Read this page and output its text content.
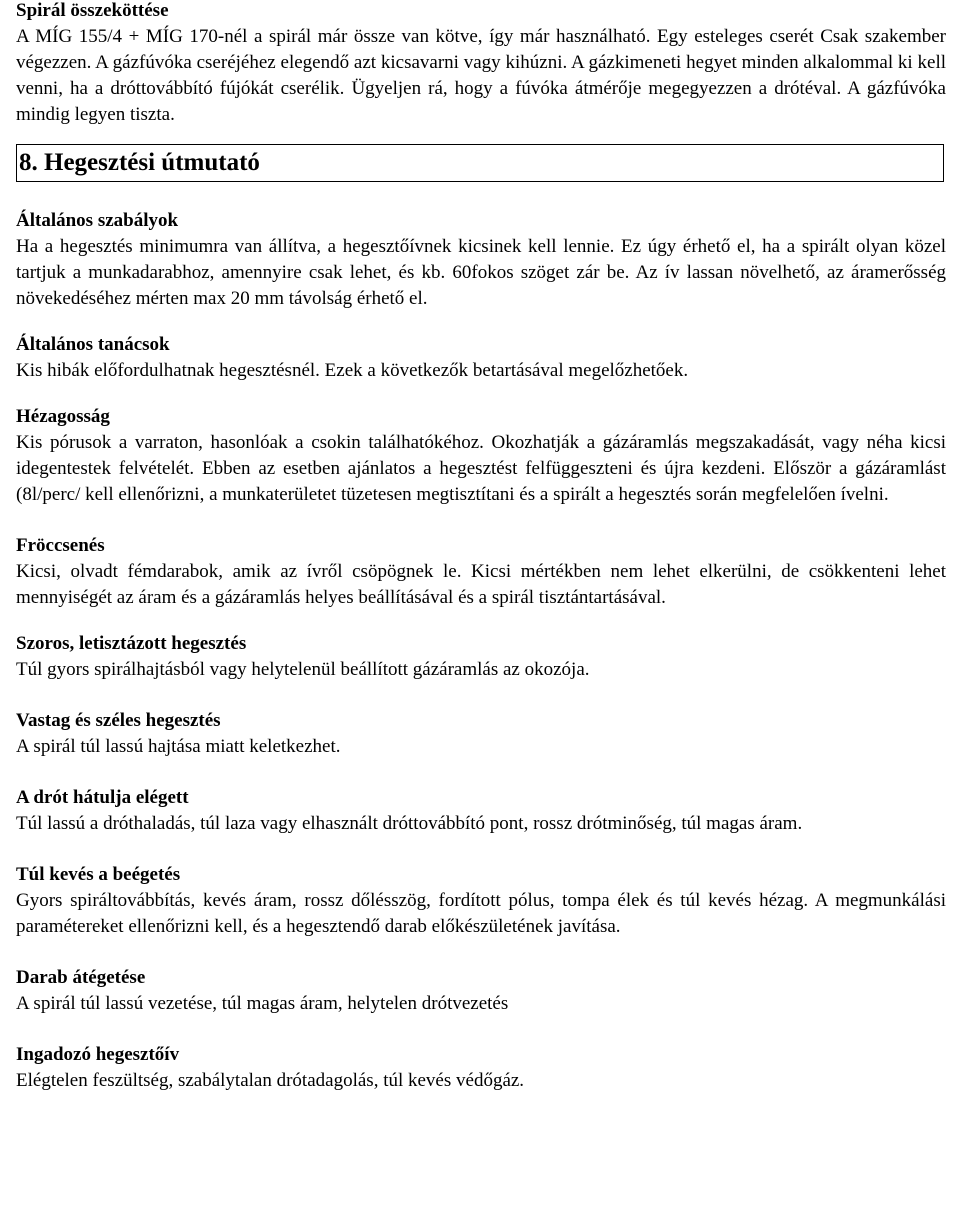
Spirál összeköttése

A MÍG 155/4 + MÍG 170-nél a spirál már össze van kötve, így már használható. Egy esteleges cserét Csak szakember végezzen. A gázfúvóka cseréjéhez elegendő azt kicsavarni vagy kihúzni. A gázkimeneti hegyet minden alkalommal ki kell venni, ha a dróttovábbító fújókát cserélik. Ügyeljen rá, hogy a fúvóka átmérője megegyezzen a drótéval. A gázfúvóka mindig legyen tiszta.

8. Hegesztési útmutató
Általános szabályok

Ha a hegesztés minimumra van állítva, a hegesztőívnek kicsinek kell lennie. Ez úgy érhető el, ha a spirált olyan közel tartjuk a munkadarabhoz, amennyire csak lehet, és kb. 60fokos szöget zár be. Az ív lassan növelhető, az áramerősség növekedéséhez mérten max 20 mm távolság érhető el.

Általános tanácsok

Kis hibák előfordulhatnak hegesztésnél. Ezek a következők betartásával megelőzhetőek.

Hézagosság

Kis pórusok a varraton, hasonlóak a csokin találhatókéhoz. Okozhatják a gázáramlás megszakadását, vagy néha kicsi idegentestek felvételét. Ebben az esetben ajánlatos a hegesztést felfüggeszteni és újra kezdeni. Először a gázáramlást (8l/perc/ kell ellenőrizni, a munkaterületet tüzetesen megtisztítani és a spirált a hegesztés során megfelelően ívelni.

Fröccsenés

Kicsi, olvadt fémdarabok, amik az ívről csöpögnek le. Kicsi mértékben nem lehet elkerülni, de csökkenteni lehet mennyiségét az áram és a gázáramlás helyes beállításával és a spirál tisztántartásával.

Szoros, letisztázott hegesztés

Túl gyors spirálhajtásból vagy helytelenül beállított gázáramlás az okozója.

Vastag és széles hegesztés

A spirál túl lassú hajtása miatt keletkezhet.

A drót hátulja elégett

Túl lassú a dróthaladás, túl laza vagy elhasznált dróttovábbító pont, rossz drótminőség, túl magas áram.

Túl kevés a beégetés

Gyors spiráltovábbítás, kevés áram, rossz dőlésszög, fordított pólus, tompa élek és túl kevés hézag. A megmunkálási paramétereket ellenőrizni kell, és a hegesztendő darab előkészületének javítása.

Darab átégetése

A spirál túl lassú vezetése, túl magas áram, helytelen drótvezetés

Ingadozó hegesztőív

Elégtelen feszültség, szabálytalan drótadagolás, túl kevés védőgáz.
